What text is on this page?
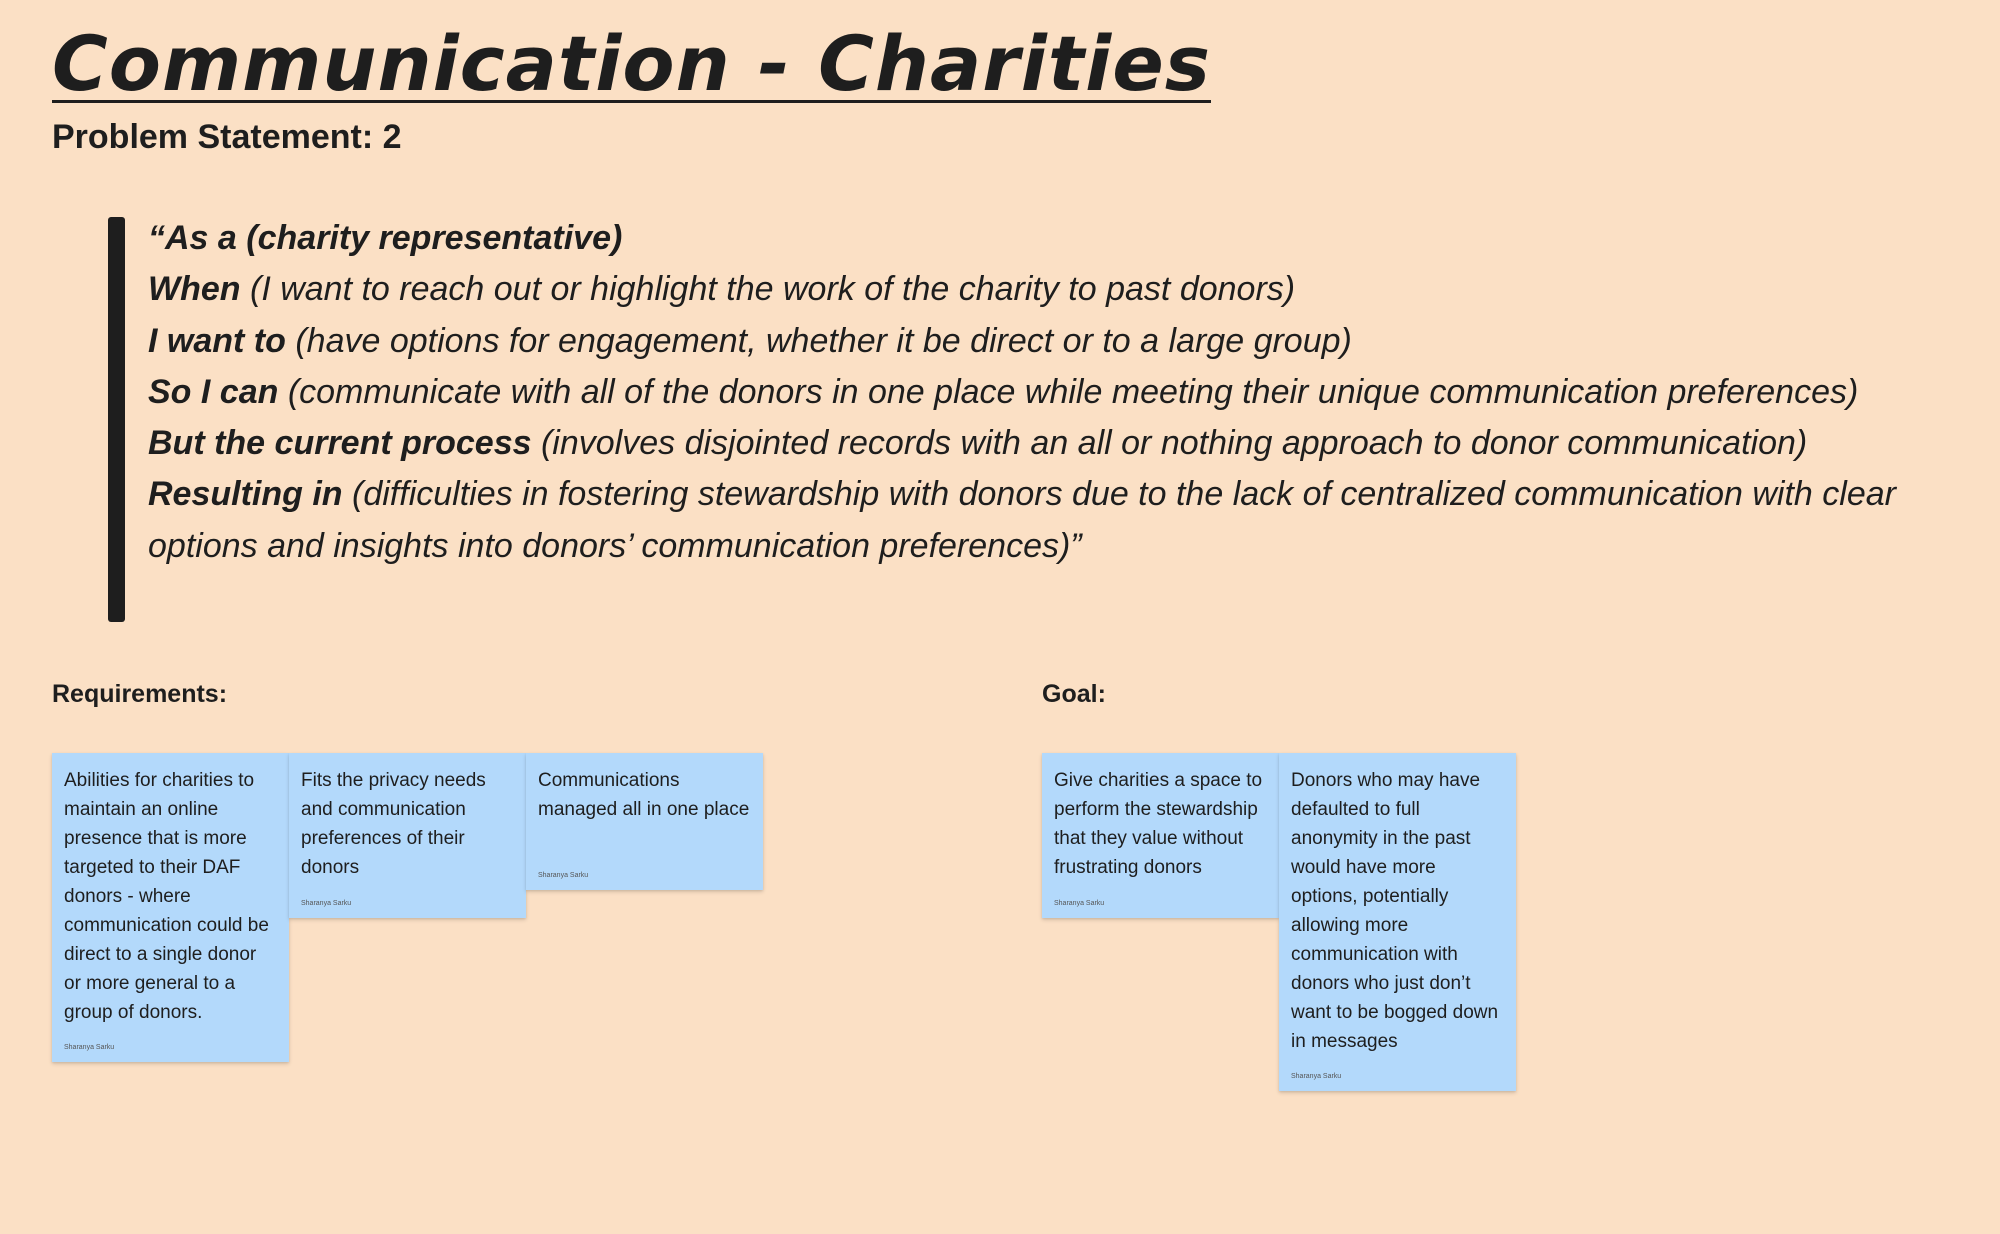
Communication - Charities
Problem Statement: 2
“As a (charity representative)
When (I want to reach out or highlight the work of the charity to past donors)
I want to (have options for engagement, whether it be direct or to a large group)
So I can (communicate with all of the donors in one place while meeting their unique communication preferences)
But the current process (involves disjointed records with an all or nothing approach to donor communication)
Resulting in (difficulties in fostering stewardship with donors due to the lack of centralized communication with clear options and insights into donors’ communication preferences)”
Requirements:	Goal:
Abilities for charities to maintain an online presence that is more targeted to their DAF donors - where communication could be direct to a single donor or more general to a group of donors.
Sharanya Sarku
Fits the privacy needs and communication preferences of their donors
Sharanya Sarku
Communications managed all in one place
Sharanya Sarku
Give charities a space to perform the stewardship that they value without frustrating donors
Sharanya Sarku
Donors who may have defaulted to full anonymity in the past would have more options, potentially allowing more communication with donors who just don’t want to be bogged down in messages
Sharanya Sarku
